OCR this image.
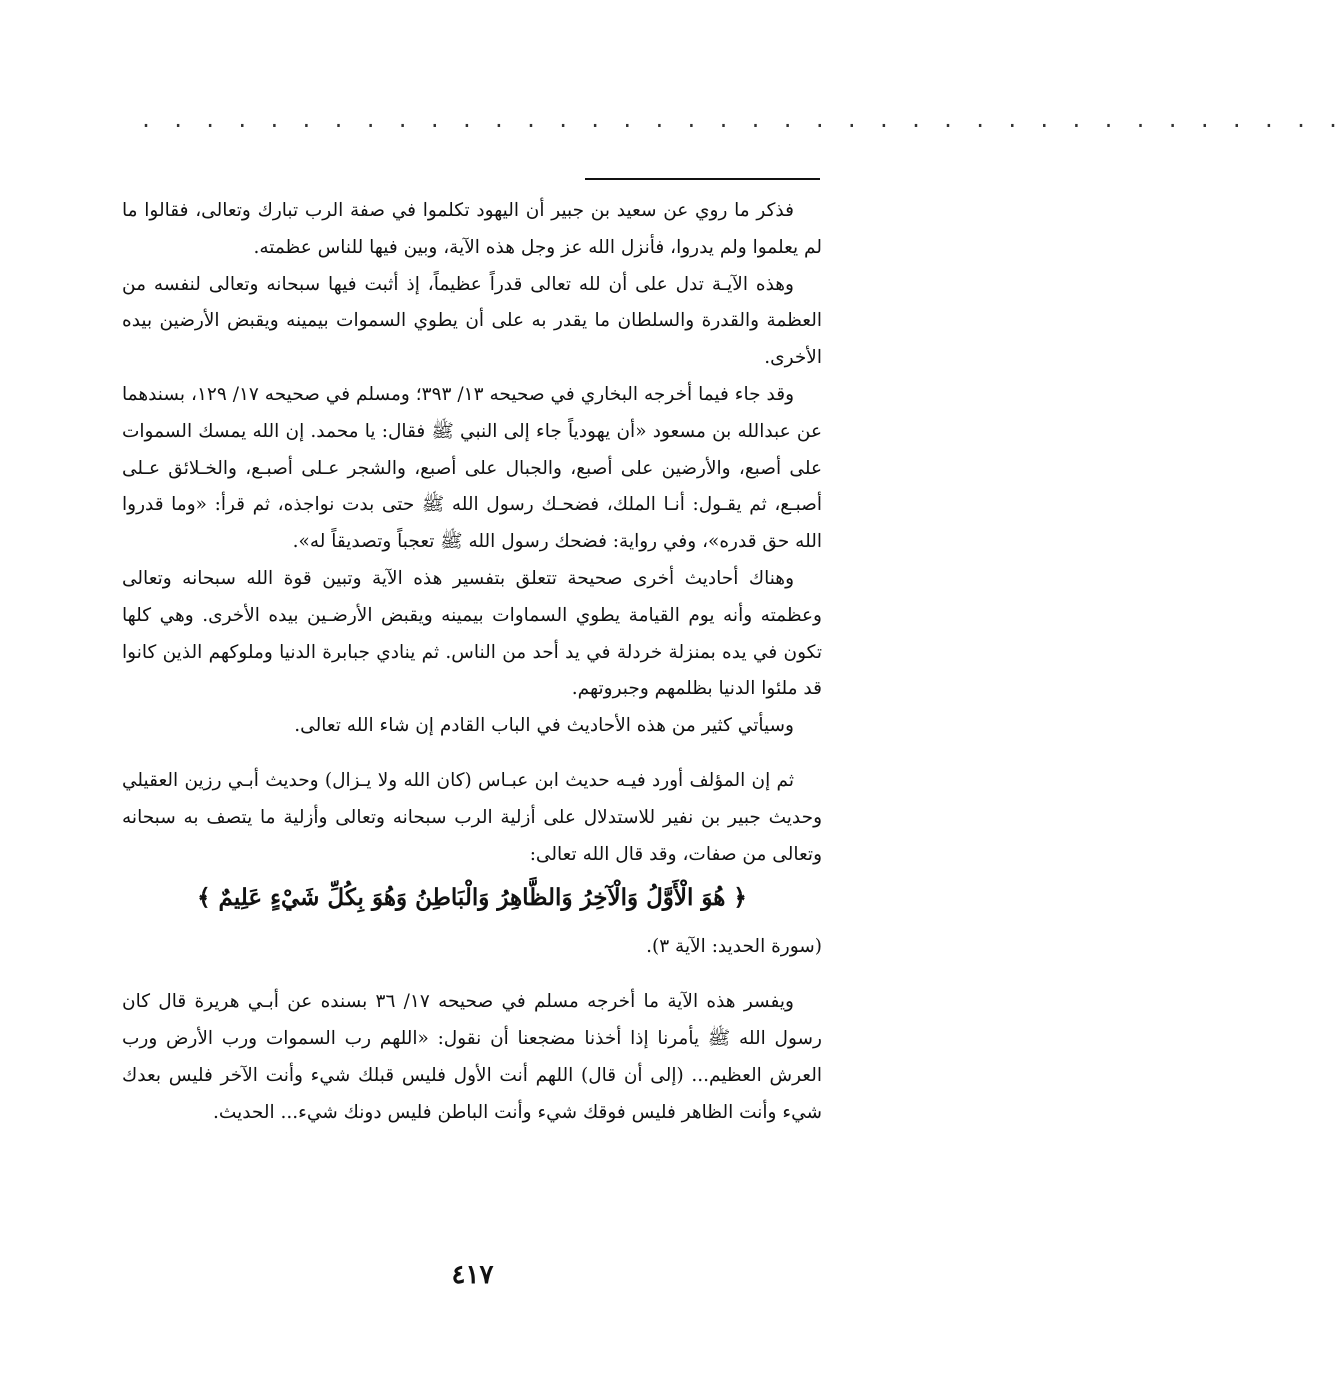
. . . . . . . . . . . . . . . . . . . . . . . . . . . . . . . . . . . . . .

فذكر ما روي عن سعيد بن جبير أن اليهود تكلموا في صفة الرب تبارك وتعالى، فقالوا ما لم يعلموا ولم يدروا، فأنزل الله عز وجل هذه الآية، وبين فيها للناس عظمته.

وهذه الآيـة تدل على أن لله تعالى قدراً عظيماً، إذ أثبت فيها سبحانه وتعالى لنفسه من العظمة والقدرة والسلطان ما يقدر به على أن يطوي السموات بيمينه ويقبض الأرضين بيده الأخرى.

وقد جاء فيما أخرجه البخاري في صحيحه ١٣/ ٣٩٣؛ ومسلم في صحيحه ١٧/ ١٢٩، بسندهما عن عبدالله بن مسعود «أن يهودياً جاء إلى النبي ﷺ فقال: يا محمد. إن الله يمسك السموات على أصبع، والأرضين على أصبع، والجبال على أصبع، والشجر عـلى أصبـع، والخـلائق عـلى أصبـع، ثم يقـول: أنـا الملك، فضحـك رسول الله ﷺ حتى بدت نواجذه، ثم قرأ: «وما قدروا الله حق قدره»، وفي رواية: فضحك رسول الله ﷺ تعجباً وتصديقاً له».

وهناك أحاديث أخرى صحيحة تتعلق بتفسير هذه الآية وتبين قوة الله سبحانه وتعالى وعظمته وأنه يوم القيامة يطوي السماوات بيمينه ويقبض الأرضـين بيده الأخرى. وهي كلها تكون في يده بمنزلة خردلة في يد أحد من الناس. ثم ينادي جبابرة الدنيا وملوكهم الذين كانوا قد ملئوا الدنيا بظلمهم وجبروتهم.

وسيأتي كثير من هذه الأحاديث في الباب القادم إن شاء الله تعالى.

ثم إن المؤلف أورد فيـه حديث ابن عبـاس (كان الله ولا يـزال) وحديث أبـي رزين العقيلي وحديث جبير بن نفير للاستدلال على أزلية الرب سبحانه وتعالى وأزلية ما يتصف به سبحانه وتعالى من صفات، وقد قال الله تعالى:

﴿ هُوَ الْأَوَّلُ وَالْآخِرُ وَالظَّاهِرُ وَالْبَاطِنُ وَهُوَ بِكُلِّ شَيْءٍ عَلِيمٌ ﴾
(سورة الحديد: الآية ٣).

ويفسر هذه الآية ما أخرجه مسلم في صحيحه ١٧/ ٣٦ بسنده عن أبـي هريرة قال كان رسول الله ﷺ يأمرنا إذا أخذنا مضجعنا أن نقول: «اللهم رب السموات ورب الأرض ورب العرش العظيم... (إلى أن قال) اللهم أنت الأول فليس قبلك شيء وأنت الآخر فليس بعدك شيء وأنت الظاهر فليس فوقك شيء وأنت الباطن فليس دونك شيء... الحديث.

٤١٧
